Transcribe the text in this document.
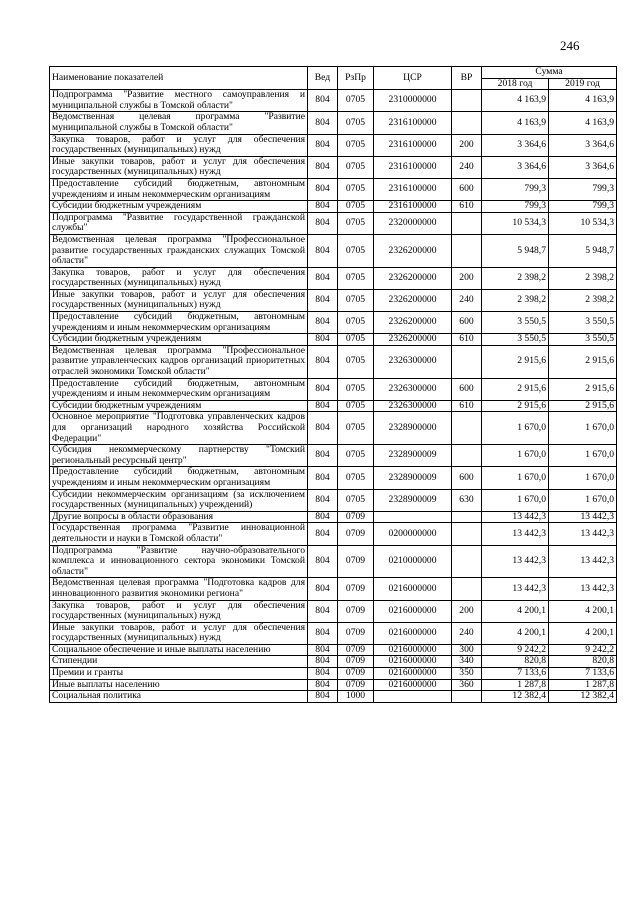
246
Наименование показателей	Вед	РзПр	ЦСР	ВР	Сумма	
					2018 год	2019 год
Подпрограмма "Развитие местного самоуправления и муниципальной службы в Томской области"	804	0705	2310000000		4 163,9	4 163,9
Ведомственная целевая программа "Развитие муниципальной службы в Томской области"	804	0705	2316100000		4 163,9	4 163,9
Закупка товаров, работ и услуг для обеспечения государственных (муниципальных) нужд	804	0705	2316100000	200	3 364,6	3 364,6
Иные закупки товаров, работ и услуг для обеспечения государственных (муниципальных) нужд	804	0705	2316100000	240	3 364,6	3 364,6
Предоставление субсидий бюджетным, автономным учреждениям и иным некоммерческим организациям	804	0705	2316100000	600	799,3	799,3
Субсидии бюджетным учреждениям	804	0705	2316100000	610	799,3	799,3
Подпрограмма "Развитие государственной гражданской службы"	804	0705	2320000000		10 534,3	10 534,3
Ведомственная целевая программа "Профессиональное развитие государственных гражданских служащих Томской области"	804	0705	2326200000		5 948,7	5 948,7
Закупка товаров, работ и услуг для обеспечения государственных (муниципальных) нужд	804	0705	2326200000	200	2 398,2	2 398,2
Иные закупки товаров, работ и услуг для обеспечения государственных (муниципальных) нужд	804	0705	2326200000	240	2 398,2	2 398,2
Предоставление субсидий бюджетным, автономным учреждениям и иным некоммерческим организациям	804	0705	2326200000	600	3 550,5	3 550,5
Субсидии бюджетным учреждениям	804	0705	2326200000	610	3 550,5	3 550,5
Ведомственная целевая программа "Профессиональное развитие управленческих кадров организаций приоритетных отраслей экономики Томской области"	804	0705	2326300000		2 915,6	2 915,6
Предоставление субсидий бюджетным, автономным учреждениям и иным некоммерческим организациям	804	0705	2326300000	600	2 915,6	2 915,6
Субсидии бюджетным учреждениям	804	0705	2326300000	610	2 915,6	2 915,6
Основное мероприятие "Подготовка управленческих кадров для организаций народного хозяйства Российской Федерации"	804	0705	2328900000		1 670,0	1 670,0
Субсидия некоммерческому партнерству "Томский региональный ресурсный центр"	804	0705	2328900009		1 670,0	1 670,0
Предоставление субсидий бюджетным, автономным учреждениям и иным некоммерческим организациям	804	0705	2328900009	600	1 670,0	1 670,0
Субсидии некоммерческим организациям (за исключением государственных (муниципальных) учреждений)	804	0705	2328900009	630	1 670,0	1 670,0
Другие вопросы в области образования	804	0709			13 442,3	13 442,3
Государственная программа "Развитие инновационной деятельности и науки в Томской области"	804	0709	0200000000		13 442,3	13 442,3
Подпрограмма "Развитие научно-образовательного комплекса и инновационного сектора экономики Томской области"	804	0709	0210000000		13 442,3	13 442,3
Ведомственная целевая программа "Подготовка кадров для инновационного развития экономики региона"	804	0709	0216000000		13 442,3	13 442,3
Закупка товаров, работ и услуг для обеспечения государственных (муниципальных) нужд	804	0709	0216000000	200	4 200,1	4 200,1
Иные закупки товаров, работ и услуг для обеспечения государственных (муниципальных) нужд	804	0709	0216000000	240	4 200,1	4 200,1
Социальное обеспечение и иные выплаты населению	804	0709	0216000000	300	9 242,2	9 242,2
Стипендии	804	0709	0216000000	340	820,8	820,8
Премии и гранты	804	0709	0216000000	350	7 133,6	7 133,6
Иные выплаты населению	804	0709	0216000000	360	1 287,8	1 287,8
Социальная политика	804	1000			12 382,4	12 382,4
